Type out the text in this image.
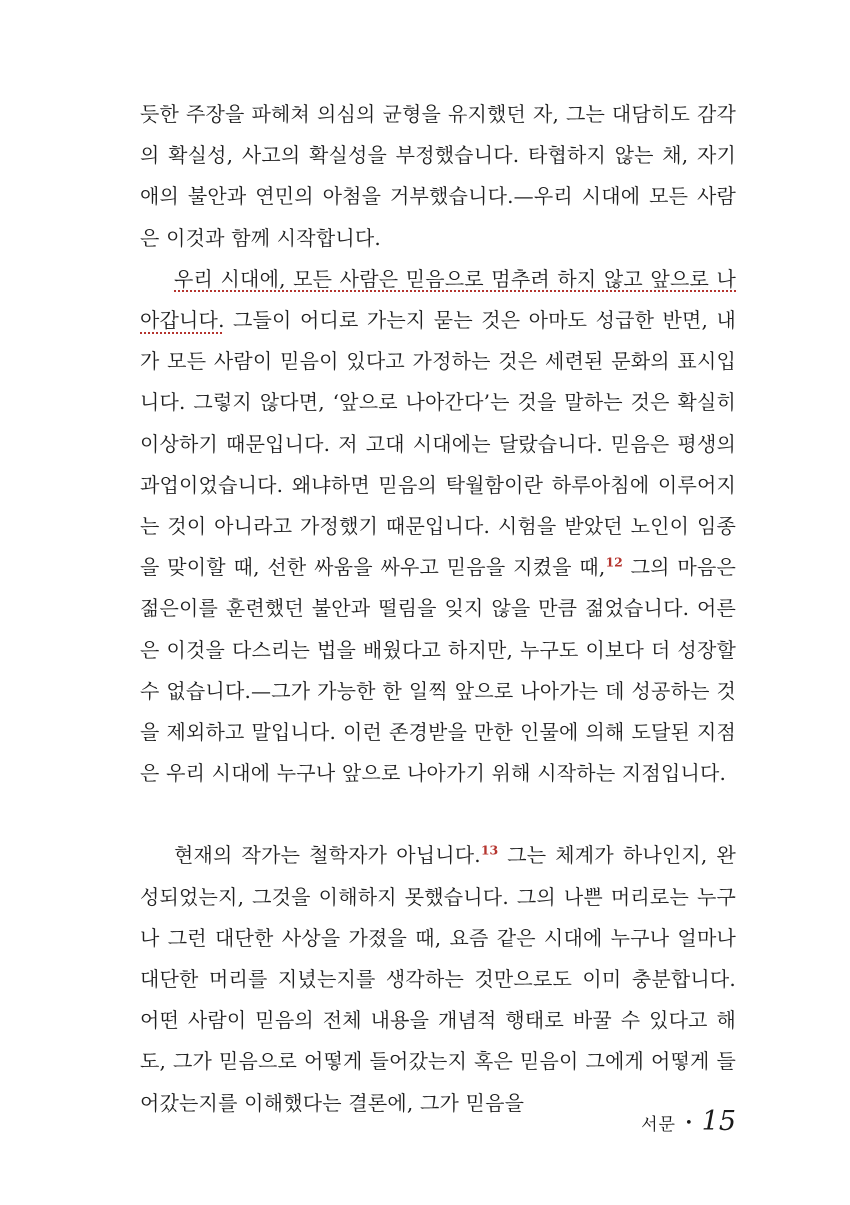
듯한 주장을 파헤쳐 의심의 균형을 유지했던 자, 그는 대담히도 감각의 확실성, 사고의 확실성을 부정했습니다. 타협하지 않는 채, 자기애의 불안과 연민의 아첨을 거부했습니다.—우리 시대에 모든 사람은 이것과 함께 시작합니다.

우리 시대에, 모든 사람은 믿음으로 멈추려 하지 않고 앞으로 나아갑니다. 그들이 어디로 가는지 묻는 것은 아마도 성급한 반면, 내가 모든 사람이 믿음이 있다고 가정하는 것은 세련된 문화의 표시입니다. 그렇지 않다면, ‘앞으로 나아간다’는 것을 말하는 것은 확실히 이상하기 때문입니다. 저 고대 시대에는 달랐습니다. 믿음은 평생의 과업이었습니다. 왜냐하면 믿음의 탁월함이란 하루아침에 이루어지는 것이 아니라고 가정했기 때문입니다. 시험을 받았던 노인이 임종을 맞이할 때, 선한 싸움을 싸우고 믿음을 지켰을 때,$^{12}$ 그의 마음은 젊은이를 훈련했던 불안과 떨림을 잊지 않을 만큼 젊었습니다. 어른은 이것을 다스리는 법을 배웠다고 하지만, 누구도 이보다 더 성장할 수 없습니다.—그가 가능한 한 일찍 앞으로 나아가는 데 성공하는 것을 제외하고 말입니다. 이런 존경받을 만한 인물에 의해 도달된 지점은 우리 시대에 누구나 앞으로 나아가기 위해 시작하는 지점입니다.

현재의 작가는 철학자가 아닙니다.$^{13}$ 그는 체계가 하나인지, 완성되었는지, 그것을 이해하지 못했습니다. 그의 나쁜 머리로는 누구나 그런 대단한 사상을 가졌을 때, 요즘 같은 시대에 누구나 얼마나 대단한 머리를 지녔는지를 생각하는 것만으로도 이미 충분합니다. 어떤 사람이 믿음의 전체 내용을 개념적 행태로 바꿀 수 있다고 해도, 그가 믿음으로 어떻게 들어갔는지 혹은 믿음이 그에게 어떻게 들어갔는지를 이해했다는 결론에, 그가 믿음을

서문 • 15
